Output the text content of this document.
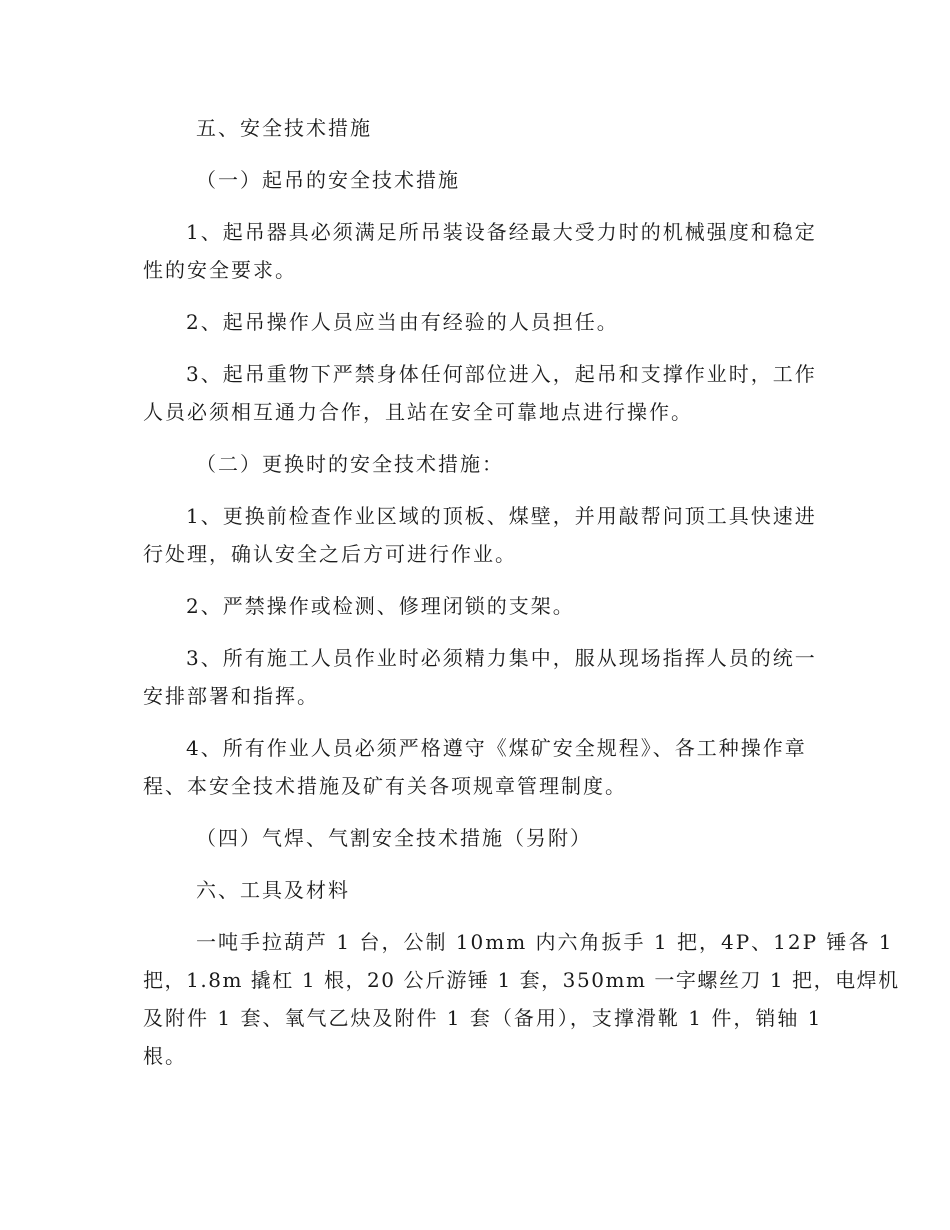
五、安全技术措施

（一）起吊的安全技术措施

1、起吊器具必须满足所吊装设备经最大受力时的机械强度和稳定

性的安全要求。

2、起吊操作人员应当由有经验的人员担任。

3、起吊重物下严禁身体任何部位进入，起吊和支撑作业时，工作

人员必须相互通力合作，且站在安全可靠地点进行操作。

（二）更换时的安全技术措施：

1、更换前检查作业区域的顶板、煤壁，并用敲帮问顶工具快速进

行处理，确认安全之后方可进行作业。

2、严禁操作或检测、修理闭锁的支架。

3、所有施工人员作业时必须精力集中，服从现场指挥人员的统一

安排部署和指挥。

4、所有作业人员必须严格遵守《煤矿安全规程》、各工种操作章

程、本安全技术措施及矿有关各项规章管理制度。

（四）气焊、气割安全技术措施（另附）

六、工具及材料

一吨手拉葫芦 1 台，公制 10mm 内六角扳手 1 把，4P、12P 锤各 1

把，1.8m 撬杠 1 根，20 公斤游锤 1 套，350mm 一字螺丝刀 1 把，电焊机

及附件 1 套、氧气乙炔及附件 1 套（备用），支撑滑靴 1 件，销轴 1

根。
